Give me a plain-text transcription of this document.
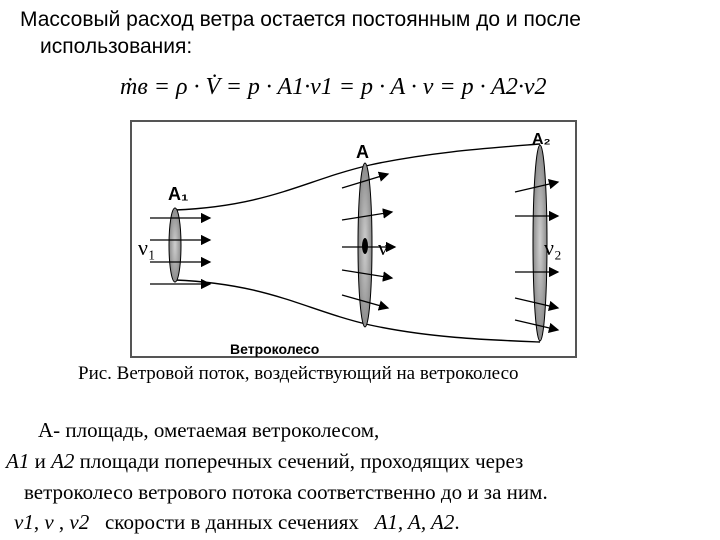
Массовый расход ветра остается постоянным до и после
использования:
ṁв = ρ · V̇ = p · A1·v1 = p · A · v = p · A2·v2
A₁
A
A₂
ν₁	ν	ν₂
Ветроколесо
Рис. Ветровой поток, воздействующий на ветроколесо
A- площадь, ометаемая ветроколесом,
A1 и A2 площади поперечных сечений, проходящих через
ветроколесо ветрового потока соответственно до и за ним.
ν1, ν , ν2 скорости в данных сечениях A1, A, A2.
